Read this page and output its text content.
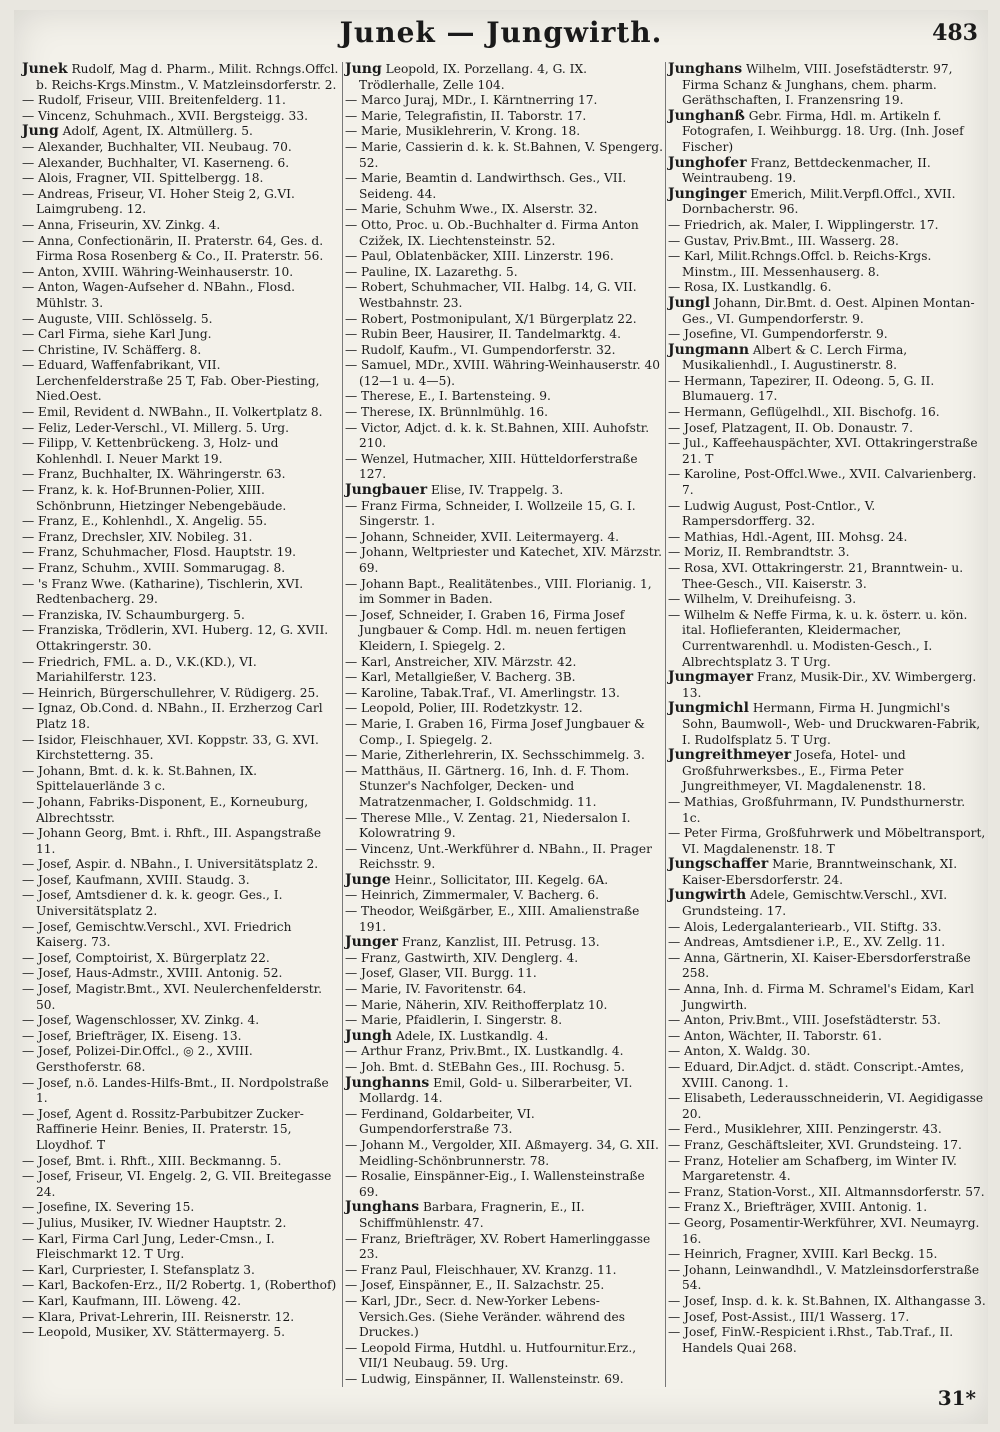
Junek — Jungwirth.	483

Junek Rudolf, Mag d. Pharm., Milit. Rchngs.Offcl. b. Reichs-Krgs.Minstm., V. Matzleinsdorferstr. 2.

— Rudolf, Friseur, VIII. Breitenfelderg. 11.

— Vincenz, Schuhmach., XVII. Bergsteigg. 33.

Jung Adolf, Agent, IX. Altmüllerg. 5.

— Alexander, Buchhalter, VII. Neubaug. 70.

— Alexander, Buchhalter, VI. Kaserneng. 6.

— Alois, Fragner, VII. Spittelbergg. 18.

— Andreas, Friseur, VI. Hoher Steig 2, G.VI. Laimgrubeng. 12.

— Anna, Friseurin, XV. Zinkg. 4.

— Anna, Confectionärin, II. Praterstr. 64, Ges. d. Firma Rosa Rosenberg & Co., II. Praterstr. 56.

— Anton, XVIII. Währing-Weinhauserstr. 10.

— Anton, Wagen-Aufseher d. NBahn., Flosd. Mühlstr. 3.

— Auguste, VIII. Schlösselg. 5.

— Carl Firma, siehe Karl Jung.

— Christine, IV. Schäfferg. 8.

— Eduard, Waffenfabrikant, VII. Lerchenfelderstraße 25 T, Fab. Ober-Piesting, Nied.Oest.

— Emil, Revident d. NWBahn., II. Volkertplatz 8.

— Feliz, Leder-Verschl., VI. Millerg. 5. Urg.

— Filipp, V. Kettenbrückeng. 3, Holz- und Kohlenhdl. I. Neuer Markt 19.

— Franz, Buchhalter, IX. Währingerstr. 63.

— Franz, k. k. Hof-Brunnen-Polier, XIII. Schönbrunn, Hietzinger Nebengebäude.

— Franz, E., Kohlenhdl., X. Angelig. 55.

— Franz, Drechsler, XIV. Nobileg. 31.

— Franz, Schuhmacher, Flosd. Hauptstr. 19.

— Franz, Schuhm., XVIII. Sommarugag. 8.

— 's Franz Wwe. (Katharine), Tischlerin, XVI. Redtenbacherg. 29.

— Franziska, IV. Schaumburgerg. 5.

— Franziska, Trödlerin, XVI. Huberg. 12, G. XVII. Ottakringerstr. 30.

— Friedrich, FML. a. D., V.K.(KD.), VI. Mariahilferstr. 123.

— Heinrich, Bürgerschullehrer, V. Rüdigerg. 25.

— Ignaz, Ob.Cond. d. NBahn., II. Erzherzog Carl Platz 18.

— Isidor, Fleischhauer, XVI. Koppstr. 33, G. XVI. Kirchstetterng. 35.

— Johann, Bmt. d. k. k. St.Bahnen, IX. Spittelauerlände 3 c.

— Johann, Fabriks-Disponent, E., Korneuburg, Albrechtsstr.

— Johann Georg, Bmt. i. Rhft., III. Aspangstraße 11.

— Josef, Aspir. d. NBahn., I. Universitätsplatz 2.

— Josef, Kaufmann, XVIII. Staudg. 3.

— Josef, Amtsdiener d. k. k. geogr. Ges., I. Universitätsplatz 2.

— Josef, Gemischtw.Verschl., XVI. Friedrich Kaiserg. 73.

— Josef, Comptoirist, X. Bürgerplatz 22.

— Josef, Haus-Admstr., XVIII. Antonig. 52.

— Josef, Magistr.Bmt., XVI. Neulerchenfelderstr. 50.

— Josef, Wagenschlosser, XV. Zinkg. 4.

— Josef, Briefträger, IX. Eiseng. 13.

— Josef, Polizei-Dir.Offcl., ◎ 2., XVIII. Gersthoferstr. 68.

— Josef, n.ö. Landes-Hilfs-Bmt., II. Nordpolstraße 1.

— Josef, Agent d. Rossitz-Parbubitzer Zucker-Raffinerie Heinr. Benies, II. Praterstr. 15, Lloydhof. T

— Josef, Bmt. i. Rhft., XIII. Beckmanng. 5.

— Josef, Friseur, VI. Engelg. 2, G. VII. Breitegasse 24.

— Josefine, IX. Severing 15.

— Julius, Musiker, IV. Wiedner Hauptstr. 2.

— Karl, Firma Carl Jung, Leder-Cmsn., I. Fleischmarkt 12. T Urg.

— Karl, Curpriester, I. Stefansplatz 3.

— Karl, Backofen-Erz., II/2 Robertg. 1, (Roberthof)

— Karl, Kaufmann, III. Löweng. 42.

— Klara, Privat-Lehrerin, III. Reisnerstr. 12.

— Leopold, Musiker, XV. Stättermayerg. 5.

Jung Leopold, IX. Porzellang. 4, G. IX. Trödlerhalle, Zelle 104.

— Marco Juraj, MDr., I. Kärntnerring 17.

— Marie, Telegrafistin, II. Taborstr. 17.

— Marie, Musiklehrerin, V. Krong. 18.

— Marie, Cassierin d. k. k. St.Bahnen, V. Spengerg. 52.

— Marie, Beamtin d. Landwirthsch. Ges., VII. Seideng. 44.

— Marie, Schuhm Wwe., IX. Alserstr. 32.

— Otto, Proc. u. Ob.-Buchhalter d. Firma Anton Czižek, IX. Liechtensteinstr. 52.

— Paul, Oblatenbäcker, XIII. Linzerstr. 196.

— Pauline, IX. Lazarethg. 5.

— Robert, Schuhmacher, VII. Halbg. 14, G. VII. Westbahnstr. 23.

— Robert, Postmonipulant, X/1 Bürgerplatz 22.

— Rubin Beer, Hausirer, II. Tandelmarktg. 4.

— Rudolf, Kaufm., VI. Gumpendorferstr. 32.

— Samuel, MDr., XVIII. Währing-Weinhauserstr. 40 (12—1 u. 4—5).

— Therese, E., I. Bartensteing. 9.

— Therese, IX. Brünnlmühlg. 16.

— Victor, Adjct. d. k. k. St.Bahnen, XIII. Auhofstr. 210.

— Wenzel, Hutmacher, XIII. Hütteldorferstraße 127.

Jungbauer Elise, IV. Trappelg. 3.

— Franz Firma, Schneider, I. Wollzeile 15, G. I. Singerstr. 1.

— Johann, Schneider, XVII. Leitermayerg. 4.

— Johann, Weltpriester und Katechet, XIV. Märzstr. 69.

— Johann Bapt., Realitätenbes., VIII. Florianig. 1, im Sommer in Baden.

— Josef, Schneider, I. Graben 16, Firma Josef Jungbauer & Comp. Hdl. m. neuen fertigen Kleidern, I. Spiegelg. 2.

— Karl, Anstreicher, XIV. Märzstr. 42.

— Karl, Metallgießer, V. Bacherg. 3B.

— Karoline, Tabak.Traf., VI. Amerlingstr. 13.

— Leopold, Polier, III. Rodetzkystr. 12.

— Marie, I. Graben 16, Firma Josef Jungbauer & Comp., I. Spiegelg. 2.

— Marie, Zitherlehrerin, IX. Sechsschimmelg. 3.

— Matthäus, II. Gärtnerg. 16, Inh. d. F. Thom. Stunzer's Nachfolger, Decken- und Matratzenmacher, I. Goldschmidg. 11.

— Therese Mlle., V. Zentag. 21, Niedersalon I. Kolowratring 9.

— Vincenz, Unt.-Werkführer d. NBahn., II. Prager Reichsstr. 9.

Junge Heinr., Sollicitator, III. Kegelg. 6A.

— Heinrich, Zimmermaler, V. Bacherg. 6.

— Theodor, Weißgärber, E., XIII. Amalienstraße 191.

Junger Franz, Kanzlist, III. Petrusg. 13.

— Franz, Gastwirth, XIV. Denglerg. 4.

— Josef, Glaser, VII. Burgg. 11.

— Marie, IV. Favoritenstr. 64.

— Marie, Näherin, XIV. Reithofferplatz 10.

— Marie, Pfaidlerin, I. Singerstr. 8.

Jungh Adele, IX. Lustkandlg. 4.

— Arthur Franz, Priv.Bmt., IX. Lustkandlg. 4.

— Joh. Bmt. d. StEBahn Ges., III. Rochusg. 5.

Junghanns Emil, Gold- u. Silberarbeiter, VI. Mollardg. 14.

— Ferdinand, Goldarbeiter, VI. Gumpendorferstraße 73.

— Johann M., Vergolder, XII. Aßmayerg. 34, G. XII. Meidling-Schönbrunnerstr. 78.

— Rosalie, Einspänner-Eig., I. Wallensteinstraße 69.

Junghans Barbara, Fragnerin, E., II. Schiffmühlenstr. 47.

— Franz, Briefträger, XV. Robert Hamerlinggasse 23.

— Franz Paul, Fleischhauer, XV. Kranzg. 11.

— Josef, Einspänner, E., II. Salzachstr. 25.

— Karl, JDr., Secr. d. New-Yorker Lebens-Versich.Ges. (Siehe Veränder. während des Druckes.)

— Leopold Firma, Hutdhl. u. Hutfournitur.Erz., VII/1 Neubaug. 59. Urg.

— Ludwig, Einspänner, II. Wallensteinstr. 69.

Junghans Wilhelm, VIII. Josefstädterstr. 97, Firma Schanz & Junghans, chem. pharm. Geräthschaften, I. Franzensring 19.

Junghanß Gebr. Firma, Hdl. m. Artikeln f. Fotografen, I. Weihburgg. 18. Urg. (Inh. Josef Fischer)

Junghofer Franz, Bettdeckenmacher, II. Weintraubeng. 19.

Junginger Emerich, Milit.Verpfl.Offcl., XVII. Dornbacherstr. 96.

— Friedrich, ak. Maler, I. Wipplingerstr. 17.

— Gustav, Priv.Bmt., III. Wasserg. 28.

— Karl, Milit.Rchngs.Offcl. b. Reichs-Krgs. Minstm., III. Messenhauserg. 8.

— Rosa, IX. Lustkandlg. 6.

Jungl Johann, Dir.Bmt. d. Oest. Alpinen Montan-Ges., VI. Gumpendorferstr. 9.

— Josefine, VI. Gumpendorferstr. 9.

Jungmann Albert & C. Lerch Firma, Musikalienhdl., I. Augustinerstr. 8.

— Hermann, Tapezirer, II. Odeong. 5, G. II. Blumauerg. 17.

— Hermann, Geflügelhdl., XII. Bischofg. 16.

— Josef, Platzagent, II. Ob. Donaustr. 7.

— Jul., Kaffeehauspächter, XVI. Ottakringerstraße 21. T

— Karoline, Post-Offcl.Wwe., XVII. Calvarienberg. 7.

— Ludwig August, Post-Cntlor., V. Rampersdorfferg. 32.

— Mathias, Hdl.-Agent, III. Mohsg. 24.

— Moriz, II. Rembrandtstr. 3.

— Rosa, XVI. Ottakringerstr. 21, Branntwein- u. Thee-Gesch., VII. Kaiserstr. 3.

— Wilhelm, V. Dreihufeisng. 3.

— Wilhelm & Neffe Firma, k. u. k. österr. u. kön. ital. Hoflieferanten, Kleidermacher, Currentwarenhdl. u. Modisten-Gesch., I. Albrechtsplatz 3. T Urg.

Jungmayer Franz, Musik-Dir., XV. Wimbergerg. 13.

Jungmichl Hermann, Firma H. Jungmichl's Sohn, Baumwoll-, Web- und Druckwaren-Fabrik, I. Rudolfsplatz 5. T Urg.

Jungreithmeyer Josefa, Hotel- und Großfuhrwerksbes., E., Firma Peter Jungreithmeyer, VI. Magdalenenstr. 18.

— Mathias, Großfuhrmann, IV. Pundsthurnerstr. 1c.

— Peter Firma, Großfuhrwerk und Möbeltransport, VI. Magdalenenstr. 18. T

Jungschaffer Marie, Branntweinschank, XI. Kaiser-Ebersdorferstr. 24.

Jungwirth Adele, Gemischtw.Verschl., XVI. Grundsteing. 17.

— Alois, Ledergalanteriearb., VII. Stiftg. 33.

— Andreas, Amtsdiener i.P., E., XV. Zellg. 11.

— Anna, Gärtnerin, XI. Kaiser-Ebersdorferstraße 258.

— Anna, Inh. d. Firma M. Schramel's Eidam, Karl Jungwirth.

— Anton, Priv.Bmt., VIII. Josefstädterstr. 53.

— Anton, Wächter, II. Taborstr. 61.

— Anton, X. Waldg. 30.

— Eduard, Dir.Adjct. d. städt. Conscript.-Amtes, XVIII. Canong. 1.

— Elisabeth, Lederausschneiderin, VI. Aegidigasse 20.

— Ferd., Musiklehrer, XIII. Penzingerstr. 43.

— Franz, Geschäftsleiter, XVI. Grundsteing. 17.

— Franz, Hotelier am Schafberg, im Winter IV. Margaretenstr. 4.

— Franz, Station-Vorst., XII. Altmannsdorferstr. 57.

— Franz X., Briefträger, XVIII. Antonig. 1.

— Georg, Posamentir-Werkführer, XVI. Neumayrg. 16.

— Heinrich, Fragner, XVIII. Karl Beckg. 15.

— Johann, Leinwandhdl., V. Matzleinsdorferstraße 54.

— Josef, Insp. d. k. k. St.Bahnen, IX. Althangasse 3.

— Josef, Post-Assist., III/1 Wasserg. 17.

— Josef, FinW.-Respicient i.Rhst., Tab.Traf., II. Handels Quai 268.

31*
